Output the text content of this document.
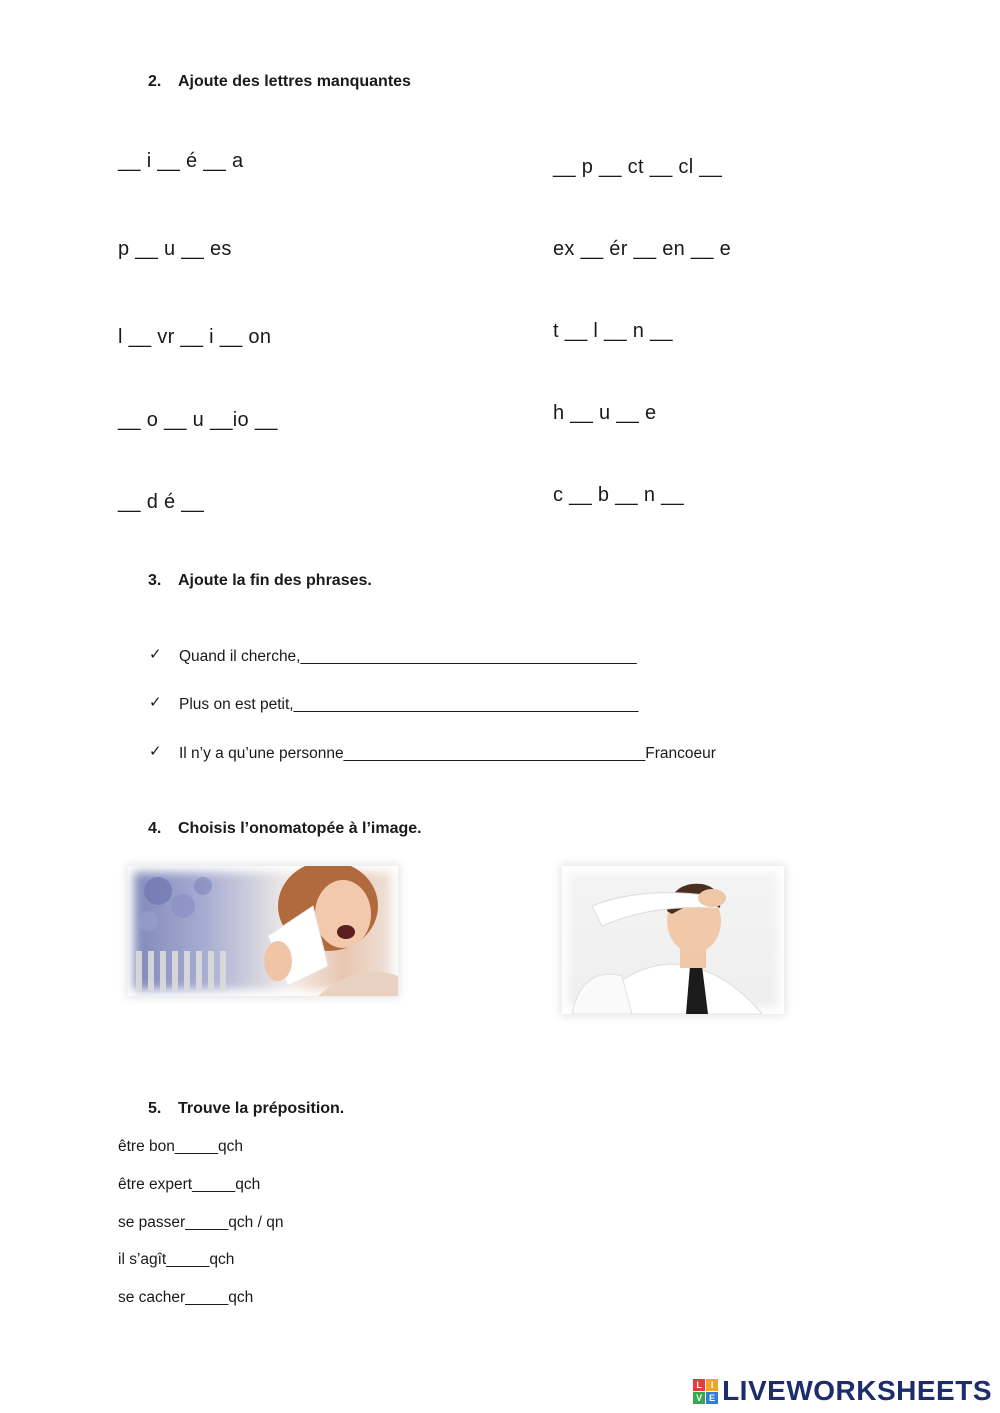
2. Ajoute des lettres manquantes
__ i __ é __ a
p __ u __ es
l __ vr __ i __ on
__ o __ u __io __
__ d é __
__ p __ ct __ cl __
ex __ ér __ en __ e
t __ l __ n __
h __ u __ e
c __ b __ n __
3. Ajoute la fin des phrases.
✓ Quand il cherche,_______________________________________
✓ Plus on est petit,________________________________________
✓ Il n’y a qu’une personne___________________________________Francoeur
4. Choisis l’onomatopée à l’image.
5. Trouve la préposition.
être bon_____qch
être expert_____qch
se passer_____qch / qn
il s’agît_____qch
se cacher_____qch
L I
V E LIVEWORKSHEETS
